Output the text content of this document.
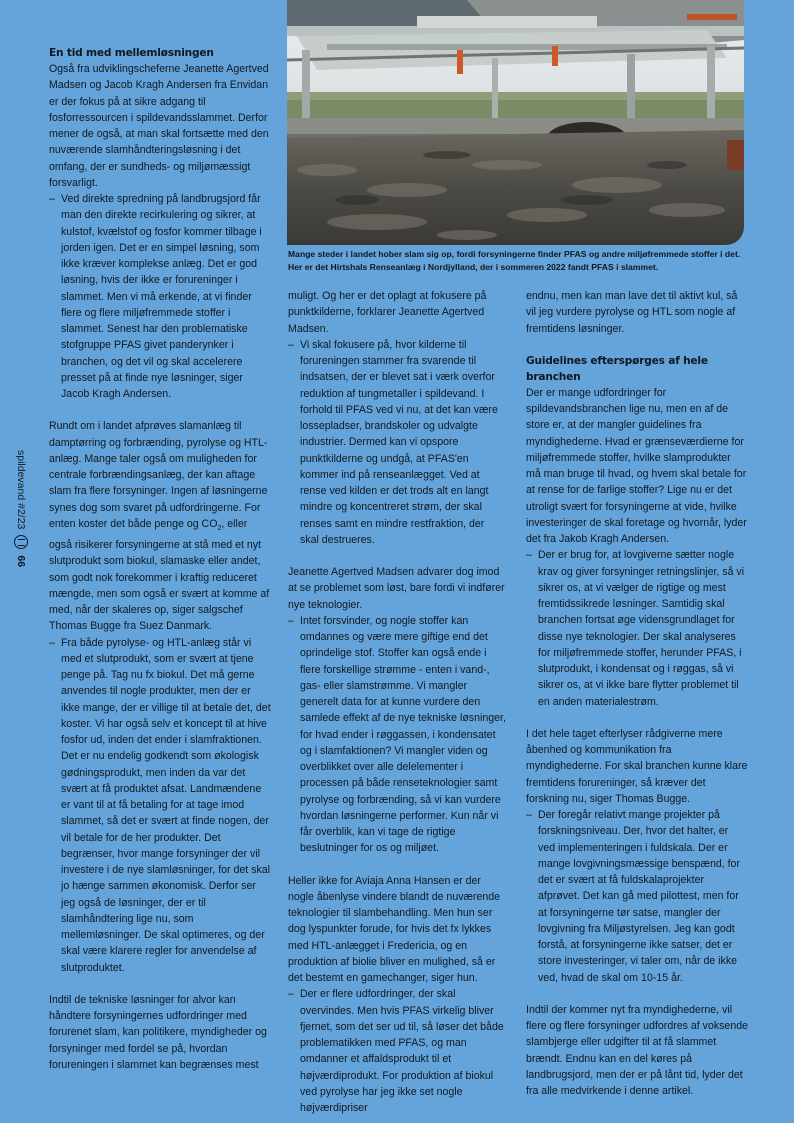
Mange steder i landet hober slam sig op, fordi forsyningerne finder PFAS og andre miljøfremmede stoffer i det. Her er det Hirtshals Renseanlæg i Nordjylland, der i sommeren 2022 fandt PFAS i slammet.
spildevand #2/23
66
En tid med mellemløsningen

Også fra udviklingscheferne Jeanette Agertved Madsen og Jacob Kragh Andersen fra Envidan er der fokus på at sikre adgang til fosforressourcen i spildevandsslammet. Derfor mener de også, at man skal fortsætte med den nuværende slamhåndteringsløsning i det omfang, der er sundheds- og miljømæssigt forsvarligt.

– Ved direkte spredning på landbrugsjord får man den direkte recirkulering og sikrer, at kulstof, kvælstof og fosfor kommer tilbage i jorden igen. Det er en simpel løsning, som ikke kræver komplekse anlæg. Det er god løsning, hvis der ikke er forureninger i slammet. Men vi må erkende, at vi finder flere og flere miljøfremmede stoffer i slammet. Senest har den problematiske stofgruppe PFAS givet panderynker i branchen, og det vil og skal accelerere presset på at finde nye løsninger, siger Jacob Kragh Andersen.

Rundt om i landet afprøves slamanlæg til damptørring og forbrænding, pyrolyse og HTL-anlæg. Mange taler også om muligheden for centrale forbrændingsanlæg, der kan aftage slam fra flere forsyninger. Ingen af løsningerne synes dog som svaret på udfordringerne. For enten koster det både penge og $CO_2$, eller også risikerer forsyningerne at stå med et nyt slutprodukt som biokul, slamaske eller andet, som godt nok forekommer i kraftig reduceret mængde, men som også er svært at komme af med, når der skaleres op, siger salgschef Thomas Bugge fra Suez Danmark.

– Fra både pyrolyse- og HTL-anlæg står vi med et slutprodukt, som er svært at tjene penge på. Tag nu fx biokul. Det må gerne anvendes til nogle produkter, men der er ikke mange, der er villige til at betale det, det koster. Vi har også selv et koncept til at hive fosfor ud, inden det ender i slamfraktionen. Det er nu endelig godkendt som økologisk gødningsprodukt, men inden da var det svært at få produktet afsat. Landmændene er vant til at få betaling for at tage imod slammet, så det er svært at finde nogen, der vil betale for de her produkter. Det begrænser, hvor mange forsyninger der vil investere i de nye slamløsninger, for det skal jo hænge sammen økonomisk. Derfor ser jeg også de løsninger, der er til slamhåndtering lige nu, som mellemløsninger. De skal optimeres, og der skal være klarere regler for anvendelse af slutproduktet.

Indtil de tekniske løsninger for alvor kan håndtere forsyningernes udfordringer med forurenet slam, kan politikere, myndigheder og forsyninger med fordel se på, hvordan forureningen i slammet kan begrænses mest

muligt. Og her er det oplagt at fokusere på punktkilderne, forklarer Jeanette Agertved Madsen.

– Vi skal fokusere på, hvor kilderne til forureningen stammer fra svarende til indsatsen, der er blevet sat i værk overfor reduktion af tungmetaller i spildevand. I forhold til PFAS ved vi nu, at det kan være lossepladser, brandskoler og udvalgte industrier. Dermed kan vi opspore punktkilderne og undgå, at PFAS'en kommer ind på renseanlægget. Ved at rense ved kilden er det trods alt en langt mindre og koncentreret strøm, der skal renses samt en mindre restfraktion, der skal destrueres.

Jeanette Agertved Madsen advarer dog imod at se problemet som løst, bare fordi vi indfører nye teknologier.

– Intet forsvinder, og nogle stoffer kan omdannes og være mere giftige end det oprindelige stof. Stoffer kan også ende i flere forskellige strømme - enten i vand-, gas- eller slamstrømme. Vi mangler generelt data for at kunne vurdere den samlede effekt af de nye tekniske løsninger, for hvad ender i røggassen, i kondensatet og i slamfaktionen? Vi mangler viden og overblikket over alle delelementer i processen på både renseteknologier samt pyrolyse og forbrænding, så vi kan vurdere hvordan løsningerne performer. Kun når vi får overblik, kan vi tage de rigtige beslutninger for os og miljøet.

Heller ikke for Aviaja Anna Hansen er der nogle åbenlyse vindere blandt de nuværende teknologier til slambehandling. Men hun ser dog lyspunkter forude, for hvis det fx lykkes med HTL-anlægget i Fredericia, og en produktion af biolie bliver en mulighed, så er det bestemt en gamechanger, siger hun.

– Der er flere udfordringer, der skal overvindes. Men hvis PFAS virkelig bliver fjernet, som det ser ud til, så løser det både problematikken med PFAS, og man omdanner et affaldsprodukt til et højværdiprodukt. For produktion af biokul ved pyrolyse har jeg ikke set nogle højværdipriser

endnu, men kan man lave det til aktivt kul, så vil jeg vurdere pyrolyse og HTL som nogle af fremtidens løsninger.

Guidelines efterspørges af hele branchen

Der er mange udfordringer for spildevandsbranchen lige nu, men en af de store er, at der mangler guidelines fra myndighederne. Hvad er grænseværdierne for miljøfremmede stoffer, hvilke slamprodukter må man bruge til hvad, og hvem skal betale for at rense for de farlige stoffer? Lige nu er det utroligt svært for forsyningerne at vide, hvilke investeringer de skal foretage og hvornår, lyder det fra Jakob Kragh Andersen.

– Der er brug for, at lovgiverne sætter nogle krav og giver forsyninger retningslinjer, så vi sikrer os, at vi vælger de rigtige og mest fremtidssikrede løsninger. Samtidig skal branchen fortsat øge vidensgrundlaget for disse nye teknologier. Der skal analyseres for miljøfremmede stoffer, herunder PFAS, i slutprodukt, i kondensat og i røggas, så vi sikrer os, at vi ikke bare flytter problemet til en anden materialestrøm.

I det hele taget efterlyser rådgiverne mere åbenhed og kommunikation fra myndighederne. For skal branchen kunne klare fremtidens forureninger, så kræver det forskning nu, siger Thomas Bugge.

– Der foregår relativt mange projekter på forskningsniveau. Der, hvor det halter, er ved implementeringen i fuldskala. Der er mange lovgivningsmæssige benspænd, for det er svært at få fuldskalaprojekter afprøvet. Det kan gå med pilottest, men for at forsyningerne tør satse, mangler der lovgivning fra Miljøstyrelsen. Jeg kan godt forstå, at forsyningerne ikke satser, det er store investeringer, vi taler om, når de ikke ved, hvad de skal om 10-15 år.

Indtil der kommer nyt fra myndighederne, vil flere og flere forsyninger udfordres af voksende slambjerge eller udgifter til at få slammet brændt. Endnu kan en del køres på landbrugsjord, men der er på lånt tid, lyder det fra alle medvirkende i denne artikel.
